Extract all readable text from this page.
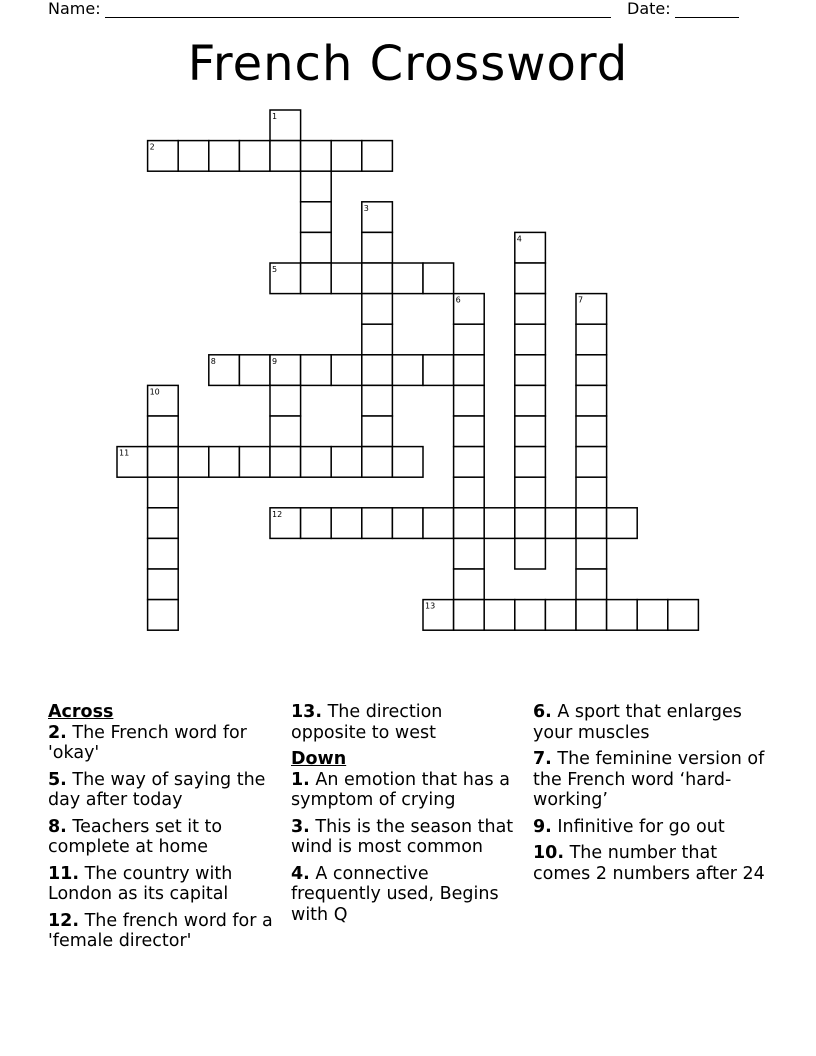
Name:	Date:
French Crossword
1
2
3
4
5
6	7
8	9
10
11
12
13
Across
2. The French word for 'okay'
5. The way of saying the day after today
8. Teachers set it to complete at home
11. The country with London as its capital
12. The french word for a 'female director'
13. The direction opposite to west
Down
1. An emotion that has a symptom of crying
3. This is the season that wind is most common
4. A connective frequently used, Begins with Q
6. A sport that enlarges your muscles
7. The feminine version of the French word ‘hard-working’
9. Infinitive for go out
10. The number that comes 2 numbers after 24
